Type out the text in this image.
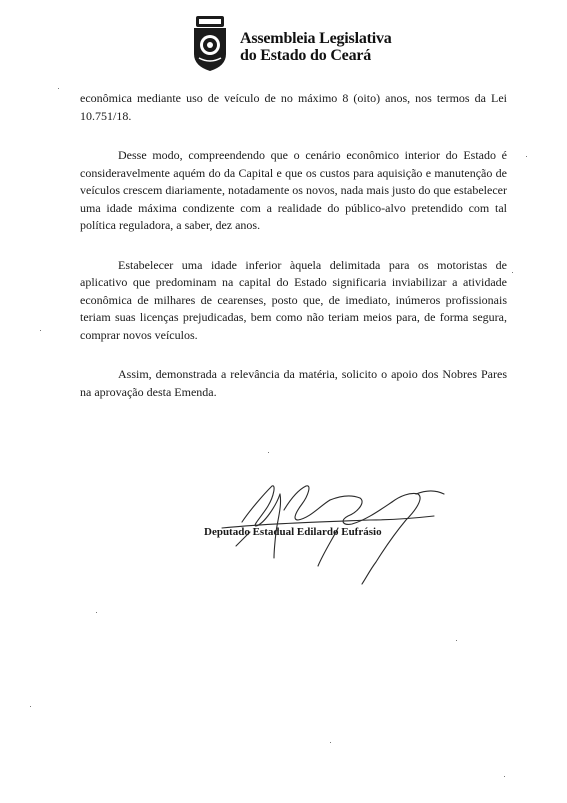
Assembleia Legislativa
do Estado do Ceará

econômica mediante uso de veículo de no máximo 8 (oito) anos, nos termos da Lei 10.751/18.

Desse modo, compreendendo que o cenário econômico interior do Estado é consideravelmente aquém do da Capital e que os custos para aquisição e manutenção de veículos crescem diariamente, notadamente os novos, nada mais justo do que estabelecer uma idade máxima condizente com a realidade do público-alvo pretendido com tal política reguladora, a saber, dez anos.

Estabelecer uma idade inferior àquela delimitada para os motoristas de aplicativo que predominam na capital do Estado significaria inviabilizar a atividade econômica de milhares de cearenses, posto que, de imediato, inúmeros profissionais teriam suas licenças prejudicadas, bem como não teriam meios para, de forma segura, comprar novos veículos.

Assim, demonstrada a relevância da matéria, solicito o apoio dos Nobres Pares na aprovação desta Emenda.

Deputado Estadual Edilardo Eufrásio
